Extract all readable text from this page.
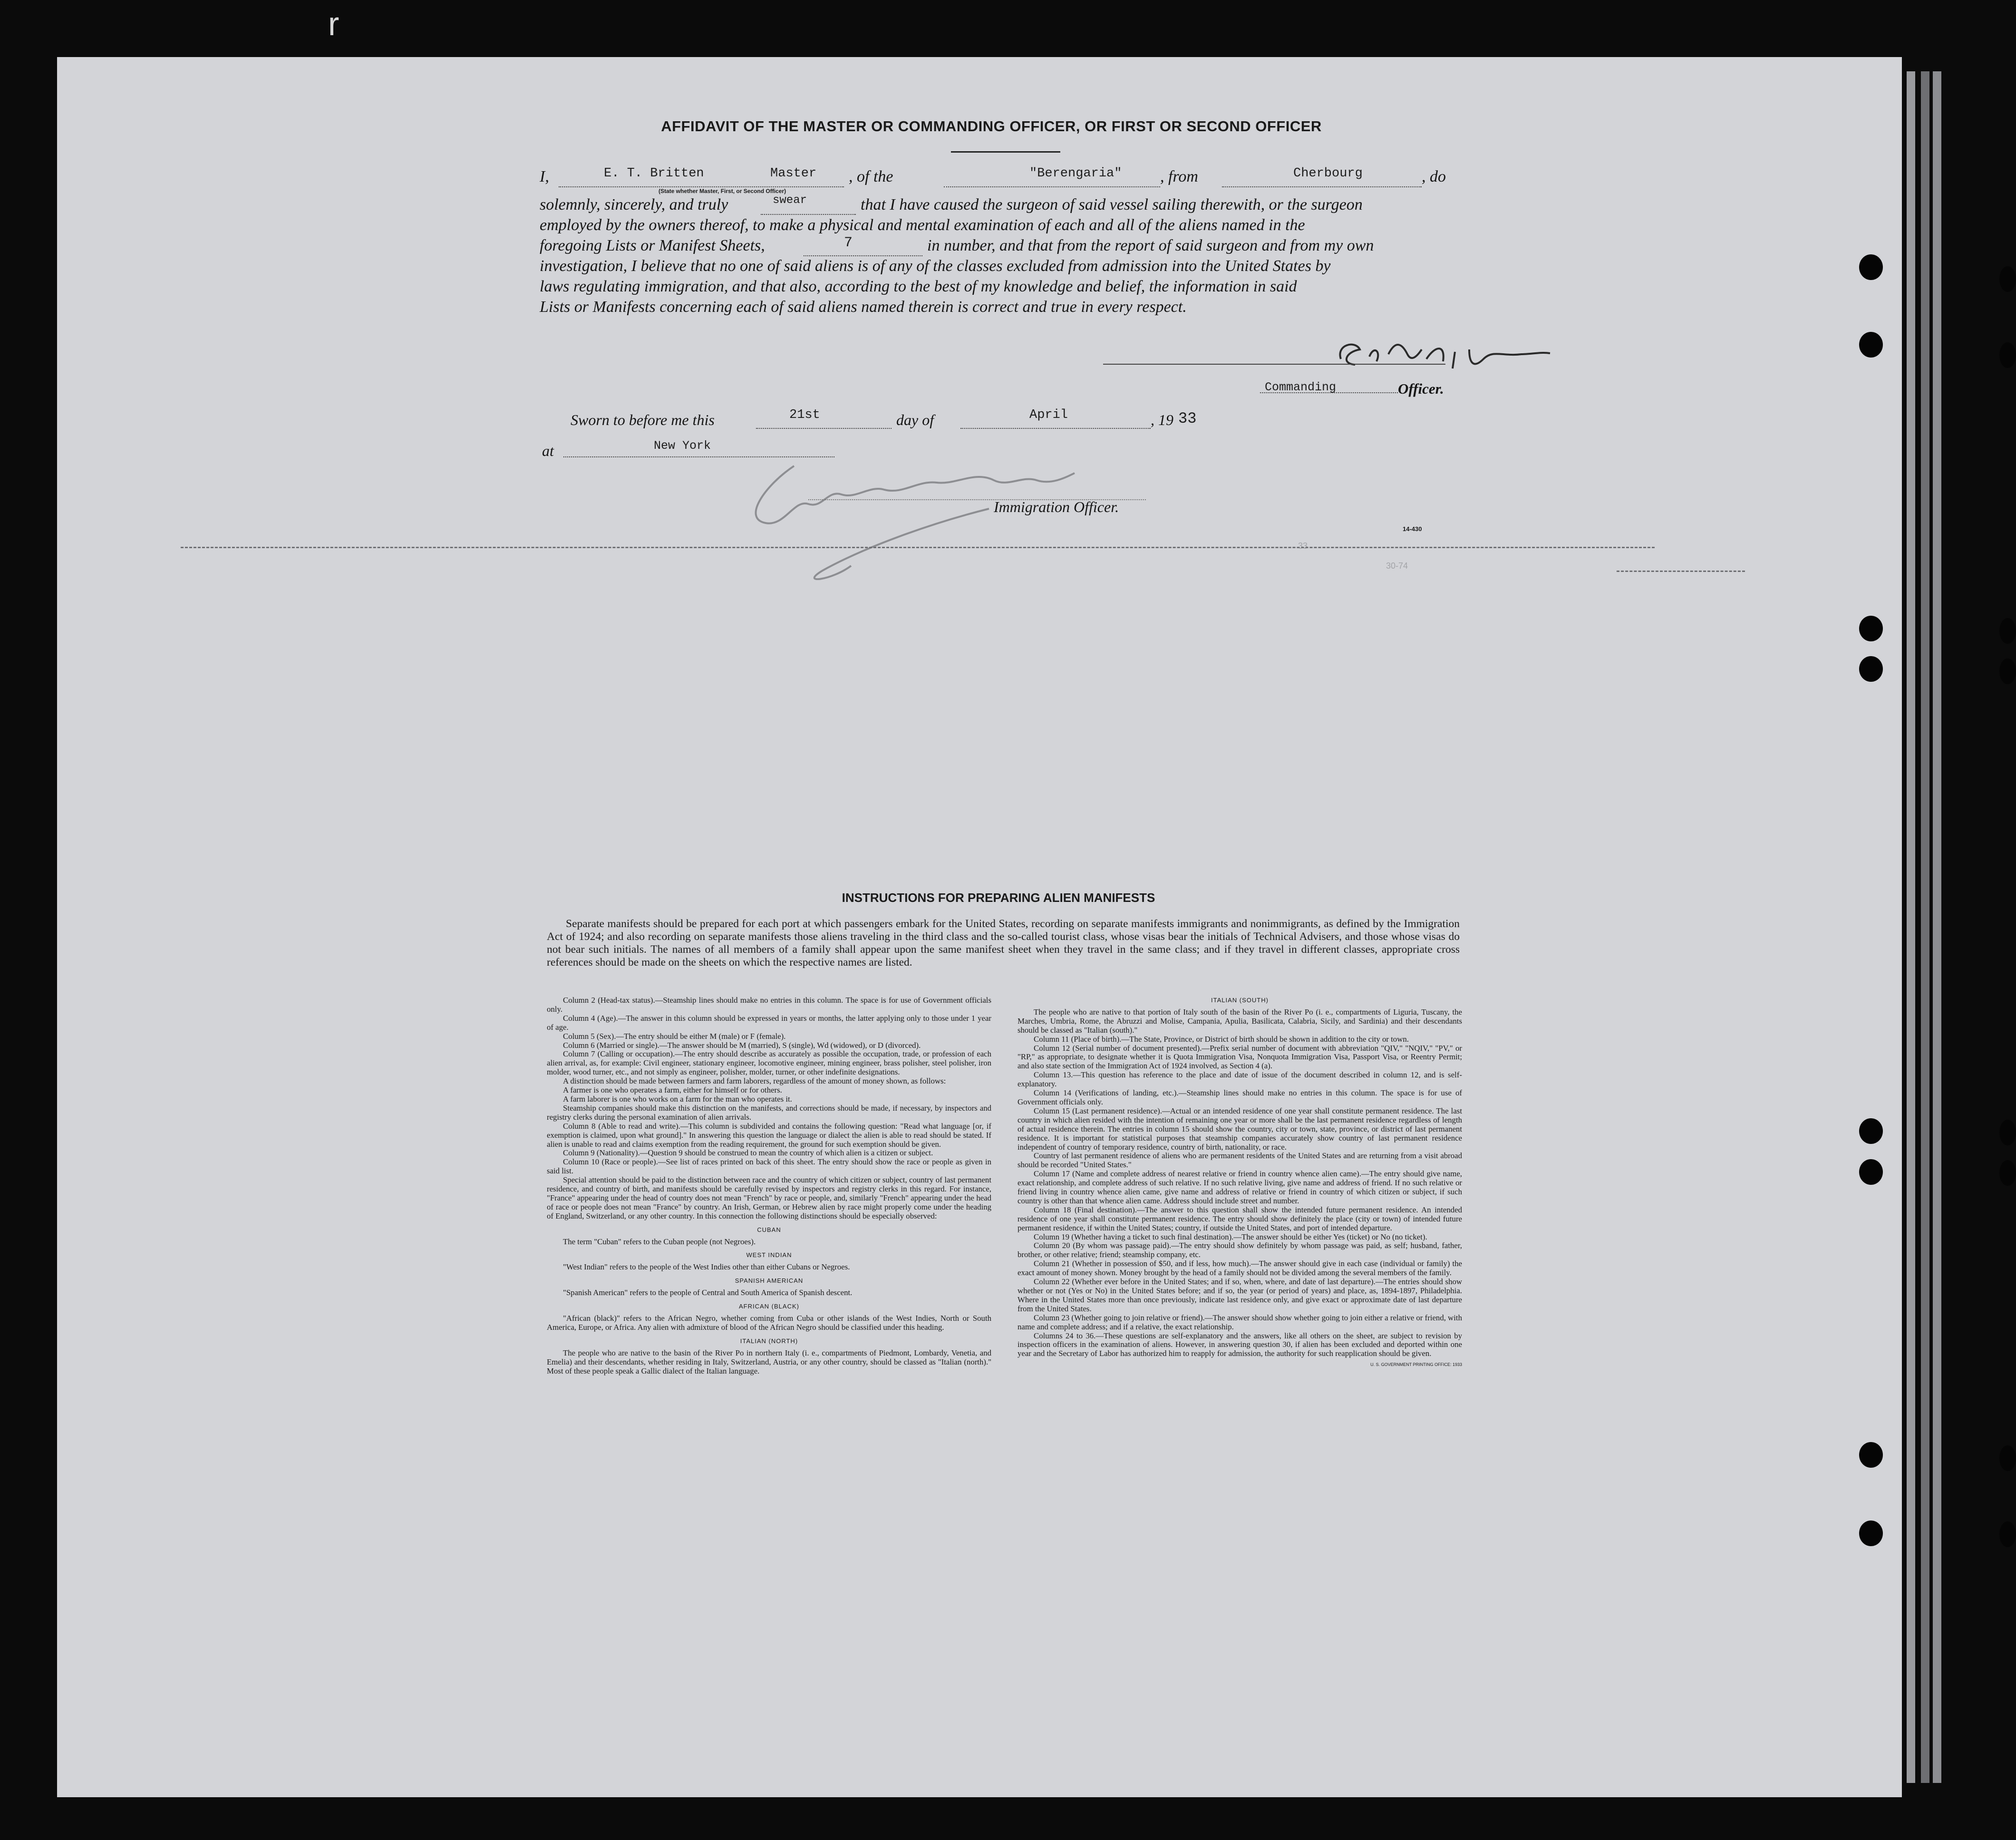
r
AFFIDAVIT OF THE MASTER OR COMMANDING OFFICER, OR FIRST OR SECOND OFFICER
I,	E. T. Britten	Master , of the	"Berengaria" , from	Cherbourg	, do
(State whether Master, First, or Second Officer)
solemnly, sincerely, and truly	swear	that I have caused the surgeon of said vessel sailing therewith, or the surgeon
employed by the owners thereof, to make a physical and mental examination of each and all of the aliens named in the
foregoing Lists or Manifest Sheets,	7	in number, and that from the report of said surgeon and from my own
investigation, I believe that no one of said aliens is of any of the classes excluded from admission into the United States by
laws regulating immigration, and that also, according to the best of my knowledge and belief, the information in said
Lists or Manifests concerning each of said aliens named therein is correct and true in every respect.
Commanding	Officer.
Sworn to before me this	21st	day of	April	, 19 33
at	New York
Immigration Officer.
14-430
33
30-74
INSTRUCTIONS FOR PREPARING ALIEN MANIFESTS
Separate manifests should be prepared for each port at which passengers embark for the United States, recording on separate manifests immigrants and nonimmigrants, as defined by the Immigration Act of 1924; and also recording on separate manifests those aliens traveling in the third class and the so-called tourist class, whose visas bear the initials of Technical Advisers, and those whose visas do not bear such initials. The names of all members of a family shall appear upon the same manifest sheet when they travel in the same class; and if they travel in different classes, appropriate cross references should be made on the sheets on which the respective names are listed.

Column 2 (Head-tax status).—Steamship lines should make no entries in this column. The space is for use of Government officials only.

Column 4 (Age).—The answer in this column should be expressed in years or months, the latter applying only to those under 1 year of age.

Column 5 (Sex).—The entry should be either M (male) or F (female).

Column 6 (Married or single).—The answer should be M (married), S (single), Wd (widowed), or D (divorced).

Column 7 (Calling or occupation).—The entry should describe as accurately as possible the occupation, trade, or profession of each alien arrival, as, for example: Civil engineer, stationary engineer, locomotive engineer, mining engineer, brass polisher, steel polisher, iron molder, wood turner, etc., and not simply as engineer, polisher, molder, turner, or other indefinite designations.

A distinction should be made between farmers and farm laborers, regardless of the amount of money shown, as follows:

A farmer is one who operates a farm, either for himself or for others.

A farm laborer is one who works on a farm for the man who operates it.

Steamship companies should make this distinction on the manifests, and corrections should be made, if necessary, by inspectors and registry clerks during the personal examination of alien arrivals.

Column 8 (Able to read and write).—This column is subdivided and contains the following question: "Read what language [or, if exemption is claimed, upon what ground]." In answering this question the language or dialect the alien is able to read should be stated. If alien is unable to read and claims exemption from the reading requirement, the ground for such exemption should be given.

Column 9 (Nationality).—Question 9 should be construed to mean the country of which alien is a citizen or subject.

Column 10 (Race or people).—See list of races printed on back of this sheet. The entry should show the race or people as given in said list.

Special attention should be paid to the distinction between race and the country of which citizen or subject, country of last permanent residence, and country of birth, and manifests should be carefully revised by inspectors and registry clerks in this regard. For instance, "France" appearing under the head of country does not mean "French" by race or people, and, similarly "French" appearing under the head of race or people does not mean "France" by country. An Irish, German, or Hebrew alien by race might properly come under the heading of England, Switzerland, or any other country. In this connection the following distinctions should be especially observed:

CUBAN

The term "Cuban" refers to the Cuban people (not Negroes).

WEST INDIAN

"West Indian" refers to the people of the West Indies other than either Cubans or Negroes.

SPANISH AMERICAN

"Spanish American" refers to the people of Central and South America of Spanish descent.

AFRICAN (BLACK)

"African (black)" refers to the African Negro, whether coming from Cuba or other islands of the West Indies, North or South America, Europe, or Africa. Any alien with admixture of blood of the African Negro should be classified under this heading.

ITALIAN (NORTH)

The people who are native to the basin of the River Po in northern Italy (i. e., compartments of Piedmont, Lombardy, Venetia, and Emelia) and their descendants, whether residing in Italy, Switzerland, Austria, or any other country, should be classed as "Italian (north)." Most of these people speak a Gallic dialect of the Italian language.

ITALIAN (SOUTH)

The people who are native to that portion of Italy south of the basin of the River Po (i. e., compartments of Liguria, Tuscany, the Marches, Umbria, Rome, the Abruzzi and Molise, Campania, Apulia, Basilicata, Calabria, Sicily, and Sardinia) and their descendants should be classed as "Italian (south)."

Column 11 (Place of birth).—The State, Province, or District of birth should be shown in addition to the city or town.

Column 12 (Serial number of document presented).—Prefix serial number of document with abbreviation "QIV," "NQIV," "PV," or "RP," as appropriate, to designate whether it is Quota Immigration Visa, Nonquota Immigration Visa, Passport Visa, or Reentry Permit; and also state section of the Immigration Act of 1924 involved, as Section 4 (a).

Column 13.—This question has reference to the place and date of issue of the document described in column 12, and is self-explanatory.

Column 14 (Verifications of landing, etc.).—Steamship lines should make no entries in this column. The space is for use of Government officials only.

Column 15 (Last permanent residence).—Actual or an intended residence of one year shall constitute permanent residence. The last country in which alien resided with the intention of remaining one year or more shall be the last permanent residence regardless of length of actual residence therein. The entries in column 15 should show the country, city or town, state, province, or district of last permanent residence. It is important for statistical purposes that steamship companies accurately show country of last permanent residence independent of country of temporary residence, country of birth, nationality, or race.

Country of last permanent residence of aliens who are permanent residents of the United States and are returning from a visit abroad should be recorded "United States."

Column 17 (Name and complete address of nearest relative or friend in country whence alien came).—The entry should give name, exact relationship, and complete address of such relative. If no such relative living, give name and address of friend. If no such relative or friend living in country whence alien came, give name and address of relative or friend in country of which citizen or subject, if such country is other than that whence alien came. Address should include street and number.

Column 18 (Final destination).—The answer to this question shall show the intended future permanent residence. An intended residence of one year shall constitute permanent residence. The entry should show definitely the place (city or town) of intended future permanent residence, if within the United States; country, if outside the United States, and port of intended departure.

Column 19 (Whether having a ticket to such final destination).—The answer should be either Yes (ticket) or No (no ticket).

Column 20 (By whom was passage paid).—The entry should show definitely by whom passage was paid, as self; husband, father, brother, or other relative; friend; steamship company, etc.

Column 21 (Whether in possession of $50, and if less, how much).—The answer should give in each case (individual or family) the exact amount of money shown. Money brought by the head of a family should not be divided among the several members of the family.

Column 22 (Whether ever before in the United States; and if so, when, where, and date of last departure).—The entries should show whether or not (Yes or No) in the United States before; and if so, the year (or period of years) and place, as, 1894-1897, Philadelphia. Where in the United States more than once previously, indicate last residence only, and give exact or approximate date of last departure from the United States.

Column 23 (Whether going to join relative or friend).—The answer should show whether going to join either a relative or friend, with name and complete address; and if a relative, the exact relationship.

Columns 24 to 36.—These questions are self-explanatory and the answers, like all others on the sheet, are subject to revision by inspection officers in the examination of aliens. However, in answering question 30, if alien has been excluded and deported within one year and the Secretary of Labor has authorized him to reapply for admission, the authority for such reapplication should be given.

U. S. GOVERNMENT PRINTING OFFICE: 1933
